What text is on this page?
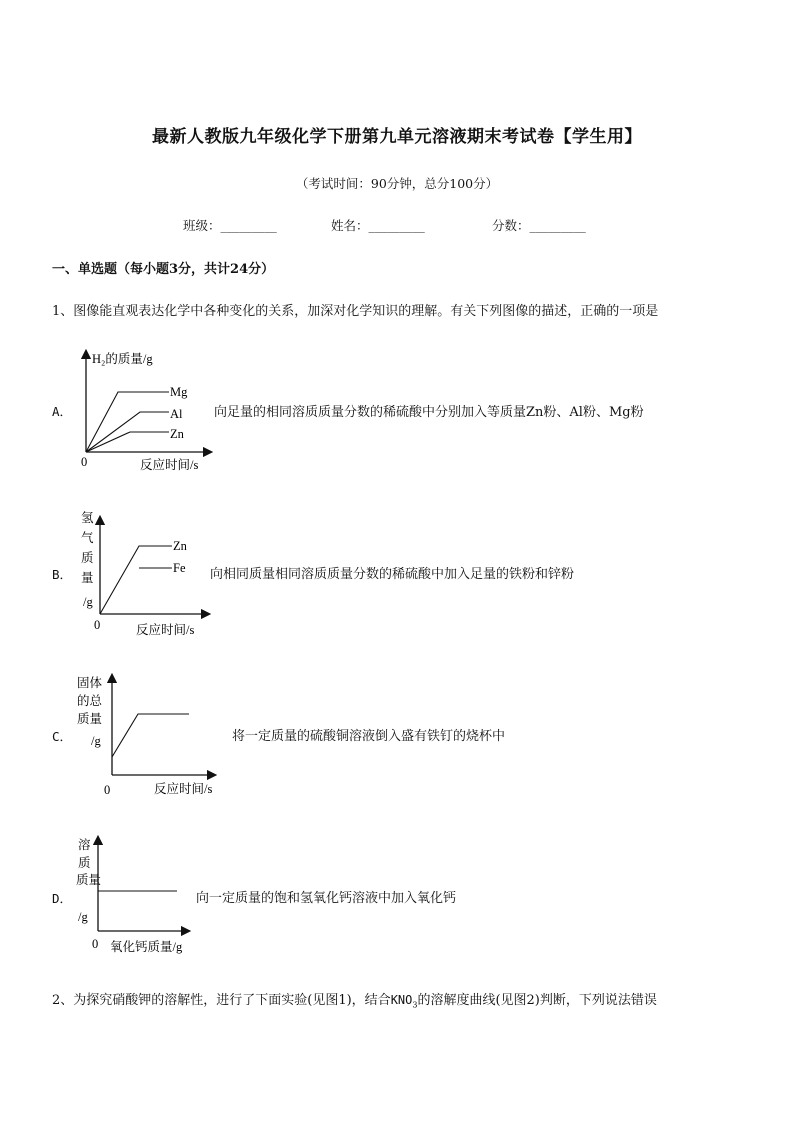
最新人教版九年级化学下册第九单元溶液期末考试卷【学生用】
（考试时间：90分钟，总分100分）
班级：_________	姓名：_________	分数：_________
一、单选题（每小题3分，共计24分）
1、图像能直观表达化学中各种变化的关系，加深对化学知识的理解。有关下列图像的描述，正确的一项是
A．
H₂的质量/g
Mg
Al
Zn
0	反应时间/s
向足量的相同溶质质量分数的稀硫酸中分别加入等质量Zn粉、Al粉、Mg粉
B．
氢
气
质
量
/g
Zn
Fe
0	反应时间/s
向相同质量相同溶质质量分数的稀硫酸中加入足量的铁粉和锌粉
C．
固体
的总
质量
/g
0	反应时间/s
将一定质量的硫酸铜溶液倒入盛有铁钉的烧杯中
D．
溶
质
质量
/g
0 氧化钙质量/g
向一定质量的饱和氢氧化钙溶液中加入氧化钙
2、为探究硝酸钾的溶解性，进行了下面实验(见图1)，结合$KNO_3$的溶解度曲线(见图2)判断，下列说法错误
